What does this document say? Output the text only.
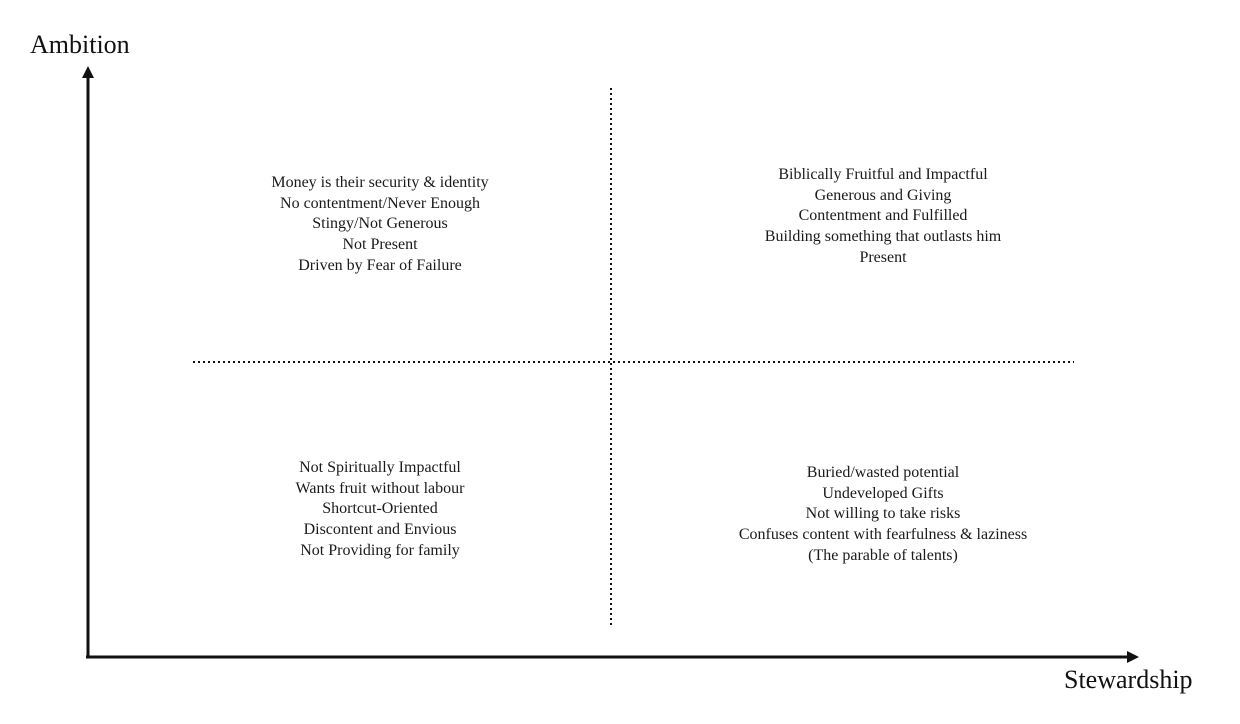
Ambition
Stewardship
Money is their security & identity
No contentment/Never Enough
Stingy/Not Generous
Not Present
Driven by Fear of Failure
Biblically Fruitful and Impactful
Generous and Giving
Contentment and Fulfilled
Building something that outlasts him
Present
Not Spiritually Impactful
Wants fruit without labour
Shortcut-Oriented
Discontent and Envious
Not Providing for family
Buried/wasted potential
Undeveloped Gifts
Not willing to take risks
Confuses content with fearfulness & laziness
(The parable of talents)
